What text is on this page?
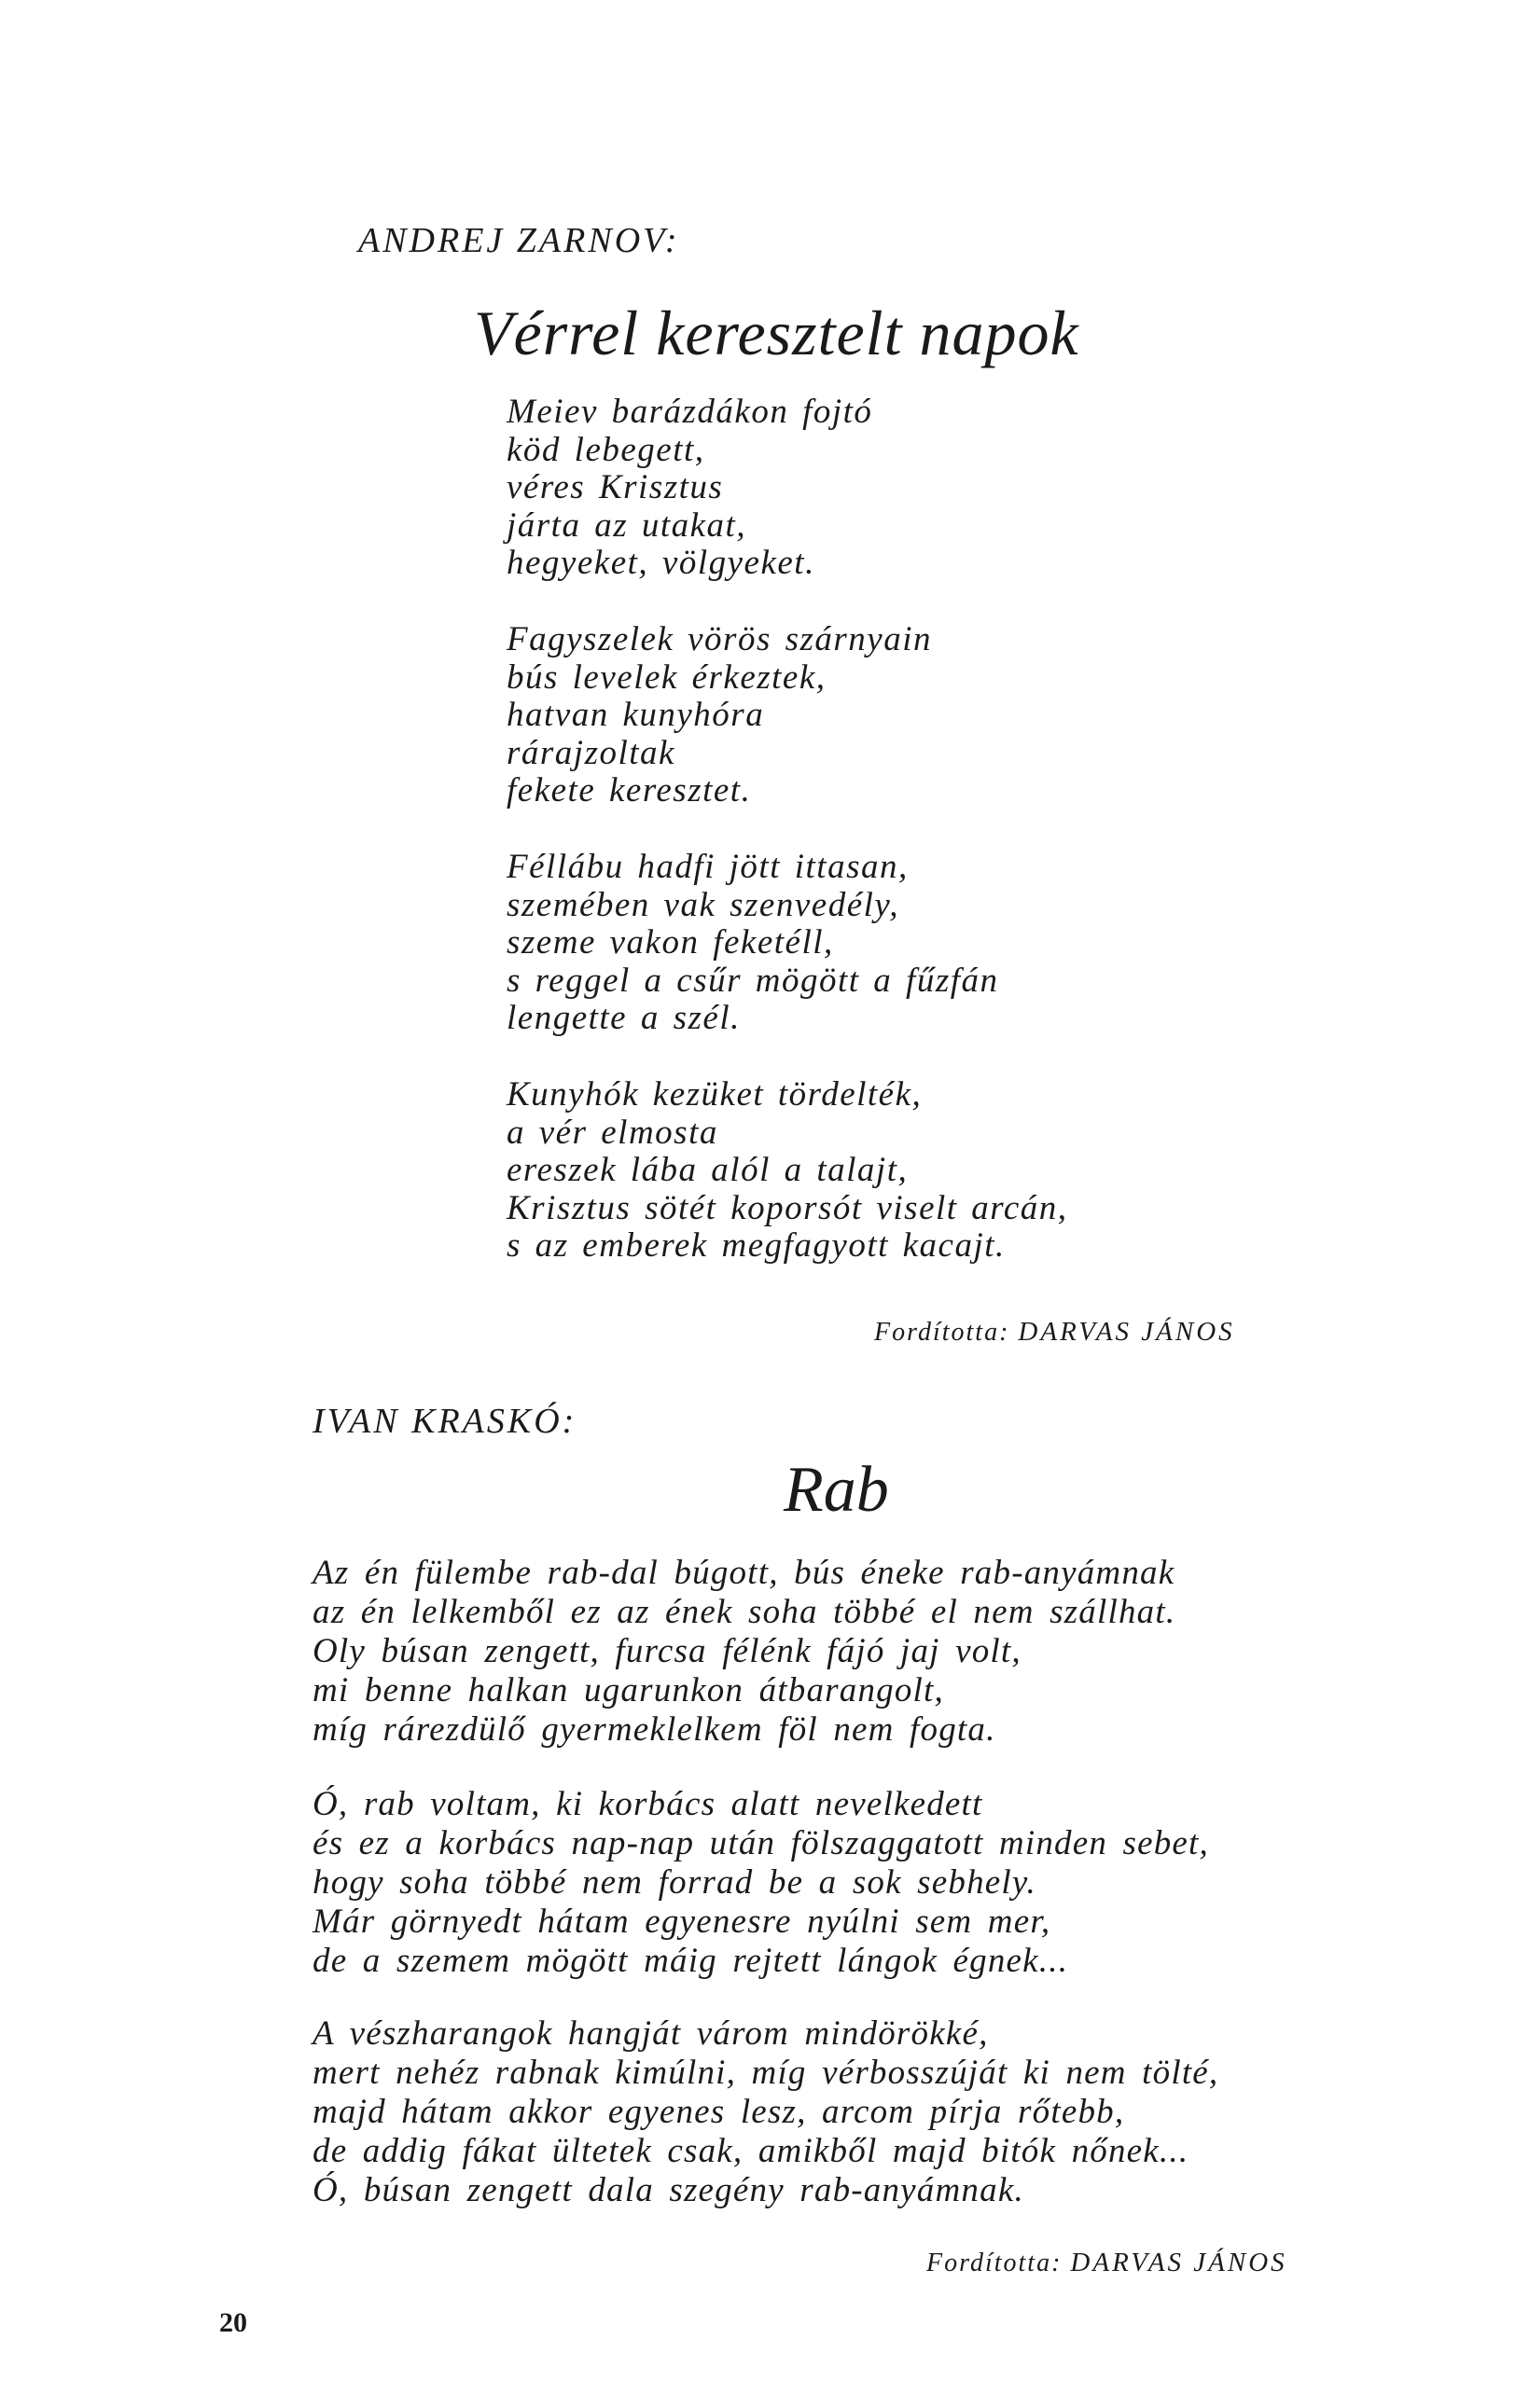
ANDREJ ZARNOV:
Vérrel keresztelt napok
Meiev barázdákon fojtó
köd lebegett,
véres Krisztus
járta az utakat,
hegyeket, völgyeket.
Fagyszelek vörös szárnyain
bús levelek érkeztek,
hatvan kunyhóra
rárajzoltak
fekete keresztet.
Féllábu hadfi jött ittasan,
szemében vak szenvedély,
szeme vakon feketéll,
s reggel a csűr mögött a fűzfán
lengette a szél.
Kunyhók kezüket tördelték,
a vér elmosta
ereszek lába alól a talajt,
Krisztus sötét koporsót viselt arcán,
s az emberek megfagyott kacajt.
Fordította: DARVAS JÁNOS
IVAN KRASKÓ:
Rab
Az én fülembe rab-dal búgott, bús éneke rab-anyámnak
az én lelkemből ez az ének soha többé el nem szállhat.
Oly búsan zengett, furcsa félénk fájó jaj volt,
mi benne halkan ugarunkon átbarangolt,
míg rárezdülő gyermeklelkem föl nem fogta.
Ó, rab voltam, ki korbács alatt nevelkedett
és ez a korbács nap-nap után fölszaggatott minden sebet,
hogy soha többé nem forrad be a sok sebhely.
Már görnyedt hátam egyenesre nyúlni sem mer,
de a szemem mögött máig rejtett lángok égnek...
A vészharangok hangját várom mindörökké,
mert nehéz rabnak kimúlni, míg vérbosszúját ki nem tölté,
majd hátam akkor egyenes lesz, arcom pírja rőtebb,
de addig fákat ültetek csak, amikből majd bitók nőnek...
Ó, búsan zengett dala szegény rab-anyámnak.
Fordította: DARVAS JÁNOS
20
